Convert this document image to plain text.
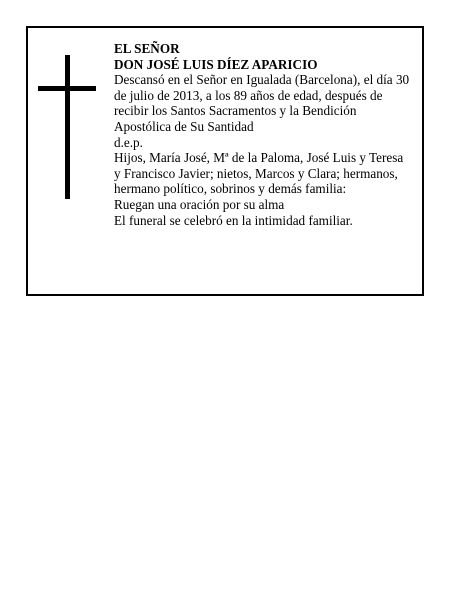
EL SEÑOR
DON JOSÉ LUIS DÍEZ APARICIO
Descansó en el Señor en Igualada (Barcelona), el día 30
de julio de 2013, a los 89 años de edad, después de
recibir los Santos Sacramentos y la Bendición
Apostólica de Su Santidad
d.e.p.
Hijos, María José, Mª de la Paloma, José Luis y Teresa
y Francisco Javier; nietos, Marcos y Clara; hermanos,
hermano político, sobrinos y demás familia:
Ruegan una oración por su alma
El funeral se celebró en la intimidad familiar.
